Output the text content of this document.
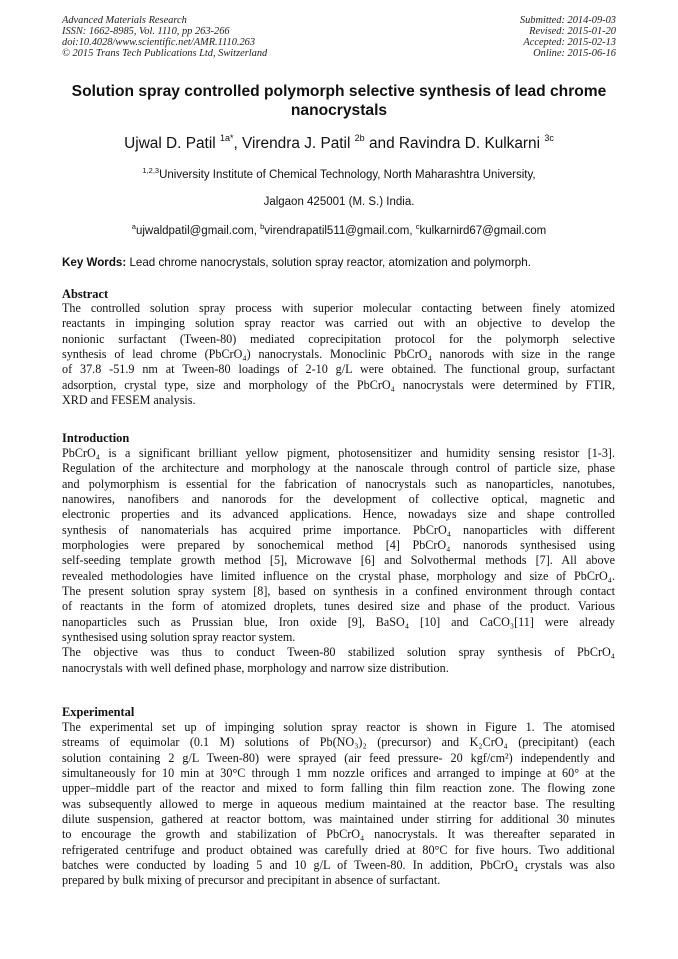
Advanced Materials Research
ISSN: 1662-8985, Vol. 1110, pp 263-266
doi:10.4028/www.scientific.net/AMR.1110.263
© 2015 Trans Tech Publications Ltd, Switzerland
Submitted: 2014-09-03
Revised: 2015-01-20
Accepted: 2015-02-13
Online: 2015-06-16
Solution spray controlled polymorph selective synthesis of lead chrome
nanocrystals
Ujwal D. Patil $^{1a*}$, Virendra J. Patil $^{2b}$ and Ravindra D. Kulkarni $^{3c}$
$^{1,2,3}$University Institute of Chemical Technology, North Maharashtra University,
Jalgaon 425001 (M. S.) India.
$^a$ujwaldpatil@gmail.com, $^b$virendrapatil511@gmail.com, $^c$kulkarnird67@gmail.com
Key Words: Lead chrome nanocrystals, solution spray reactor, atomization and polymorph.
Abstract
The controlled solution spray process with superior molecular contacting between finely atomized
reactants in impinging solution spray reactor was carried out with an objective to develop the
nonionic surfactant (Tween-80) mediated coprecipitation protocol for the polymorph selective
synthesis of lead chrome (PbCrO₄) nanocrystals. Monoclinic PbCrO₄ nanorods with size in the range
of 37.8 -51.9 nm at Tween-80 loadings of 2-10 g/L were obtained. The functional group, surfactant
adsorption, crystal type, size and morphology of the PbCrO₄ nanocrystals were determined by FTIR,
XRD and FESEM analysis.
Introduction
PbCrO₄ is a significant brilliant yellow pigment, photosensitizer and humidity sensing resistor [1-3].
Regulation of the architecture and morphology at the nanoscale through control of particle size, phase
and polymorphism is essential for the fabrication of nanocrystals such as nanoparticles, nanotubes,
nanowires, nanofibers and nanorods for the development of collective optical, magnetic and
electronic properties and its advanced applications. Hence, nowadays size and shape controlled
synthesis of nanomaterials has acquired prime importance. PbCrO₄ nanoparticles with different
morphologies were prepared by sonochemical method [4] PbCrO₄ nanorods synthesised using
self-seeding template growth method [5], Microwave [6] and Solvothermal methods [7]. All above
revealed methodologies have limited influence on the crystal phase, morphology and size of PbCrO₄.
The present solution spray system [8], based on synthesis in a confined environment through contact
of reactants in the form of atomized droplets, tunes desired size and phase of the product. Various
nanoparticles such as Prussian blue, Iron oxide [9], BaSO₄ [10] and CaCO₃[11] were already
synthesised using solution spray reactor system.
The objective was thus to conduct Tween-80 stabilized solution spray synthesis of PbCrO₄
nanocrystals with well defined phase, morphology and narrow size distribution.
Experimental
The experimental set up of impinging solution spray reactor is shown in Figure 1. The atomised
streams of equimolar (0.1 M) solutions of Pb(NO₃)₂ (precursor) and K₂CrO₄ (precipitant) (each
solution containing 2 g/L Tween-80) were sprayed (air feed pressure- 20 kgf/cm²) independently and
simultaneously for 10 min at 30°C through 1 mm nozzle orifices and arranged to impinge at 60° at the
upper–middle part of the reactor and mixed to form falling thin film reaction zone. The flowing zone
was subsequently allowed to merge in aqueous medium maintained at the reactor base. The resulting
dilute suspension, gathered at reactor bottom, was maintained under stirring for additional 30 minutes
to encourage the growth and stabilization of PbCrO₄ nanocrystals. It was thereafter separated in
refrigerated centrifuge and product obtained was carefully dried at 80°C for five hours. Two additional
batches were conducted by loading 5 and 10 g/L of Tween-80. In addition, PbCrO₄ crystals was also
prepared by bulk mixing of precursor and precipitant in absence of surfactant.
